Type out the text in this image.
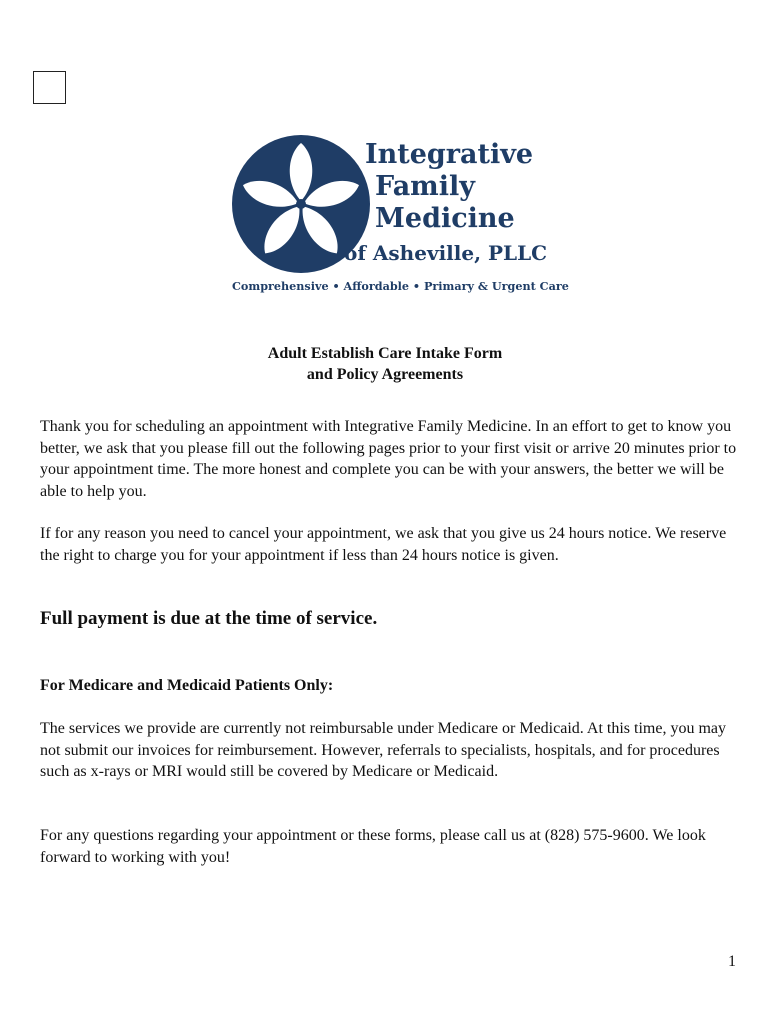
Integrative
Family
Medicine
of Asheville, PLLC
Comprehensive • Affordable • Primary & Urgent Care
Adult Establish Care Intake Form
and Policy Agreements
Thank you for scheduling an appointment with Integrative Family Medicine. In an effort to get to know you better, we ask that you please fill out the following pages prior to your first visit or arrive 20 minutes prior to your appointment time. The more honest and complete you can be with your answers, the better we will be able to help you.
If for any reason you need to cancel your appointment, we ask that you give us 24 hours notice. We reserve the right to charge you for your appointment if less than 24 hours notice is given.
Full payment is due at the time of service.
For Medicare and Medicaid Patients Only:
The services we provide are currently not reimbursable under Medicare or Medicaid. At this time, you may not submit our invoices for reimbursement. However, referrals to specialists, hospitals, and for procedures such as x-rays or MRI would still be covered by Medicare or Medicaid.
For any questions regarding your appointment or these forms, please call us at (828) 575-9600. We look forward to working with you!
1
